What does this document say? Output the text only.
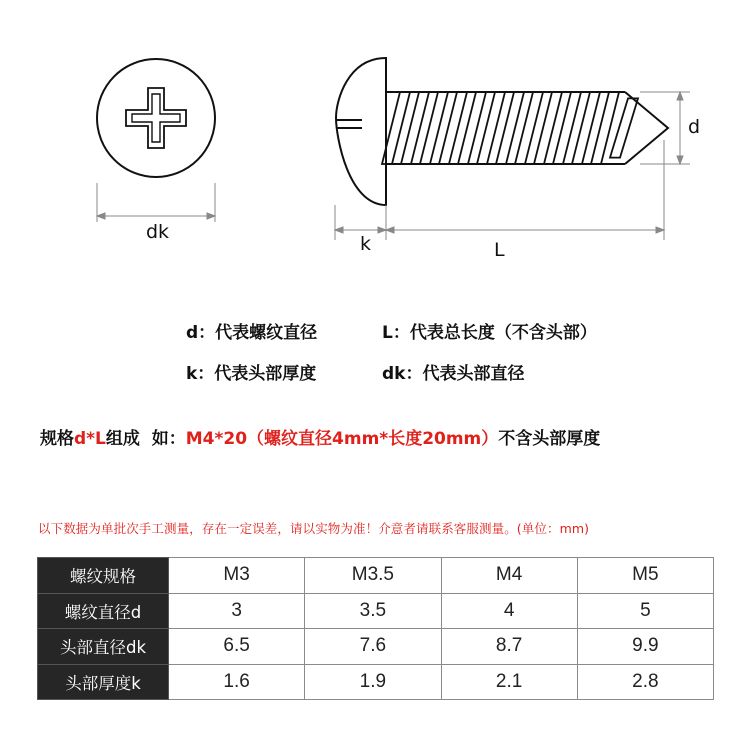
dk
k	L
d
d：代表螺纹直径	L：代表总长度（不含头部）
k：代表头部厚度	dk：代表头部直径
规格d*L组成  如：M4*20（螺纹直径4mm*长度20mm）不含头部厚度
以下数据为单批次手工测量，存在一定误差，请以实物为准！介意者请联系客服测量。(单位：mm)
螺纹规格	M3	M3.5	M4	M5
螺纹直径d	3	3.5	4	5
头部直径dk	6.5	7.6	8.7	9.9
头部厚度k	1.6	1.9	2.1	2.8
